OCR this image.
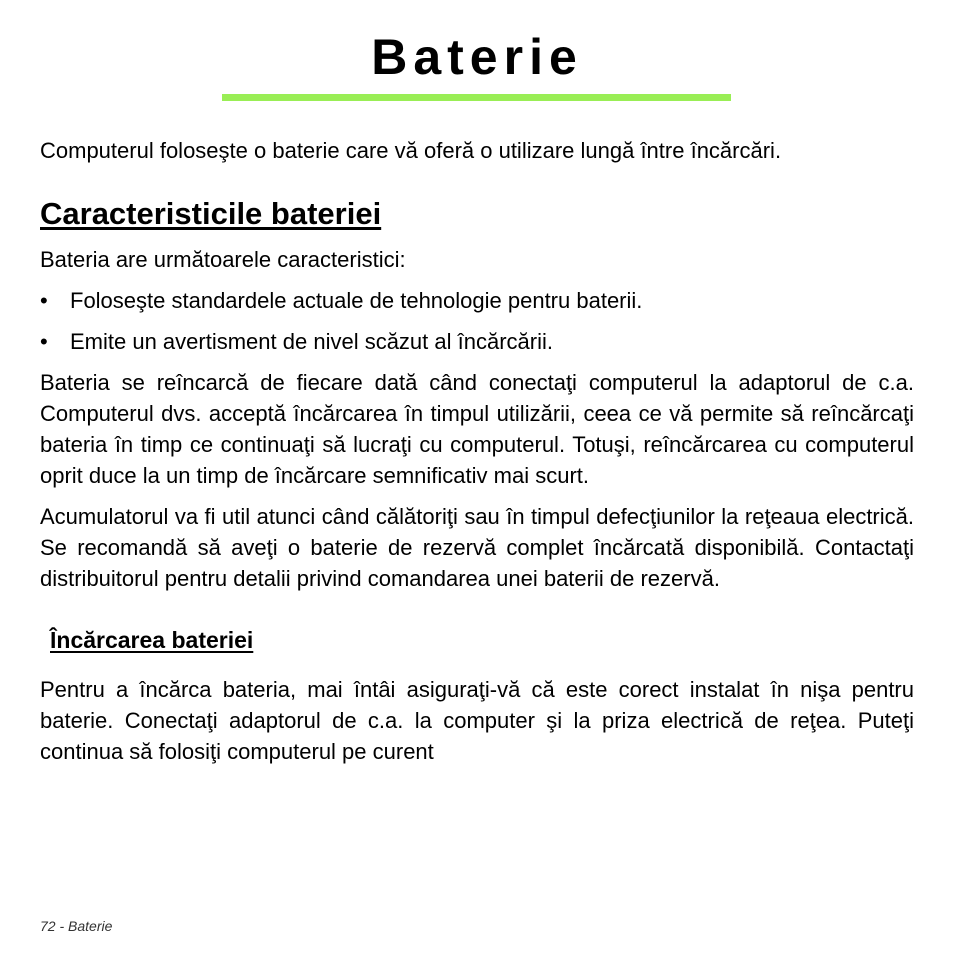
Baterie

Computerul foloseşte o baterie care vă oferă o utilizare lungă între încărcări.

Caracteristicile bateriei

Bateria are următoarele caracteristici:

• Foloseşte standardele actuale de tehnologie pentru baterii.
• Emite un avertisment de nivel scăzut al încărcării.

Bateria se reîncarcă de fiecare dată când conectaţi computerul la adaptorul de c.a. Computerul dvs. acceptă încărcarea în timpul utilizării, ceea ce vă permite să reîncărcaţi bateria în timp ce continuaţi să lucraţi cu computerul. Totuşi, reîncărcarea cu computerul oprit duce la un timp de încărcare semnificativ mai scurt.

Acumulatorul va fi util atunci când călătoriţi sau în timpul defecţiunilor la reţeaua electrică. Se recomandă să aveţi o baterie de rezervă complet încărcată disponibilă. Contactaţi distribuitorul pentru detalii privind comandarea unei baterii de rezervă.

Încărcarea bateriei

Pentru a încărca bateria, mai întâi asiguraţi-vă că este corect instalat în nişa pentru baterie. Conectaţi adaptorul de c.a. la computer şi la priza electrică de reţea. Puteţi continua să folosiţi computerul pe curent

72 - Baterie
